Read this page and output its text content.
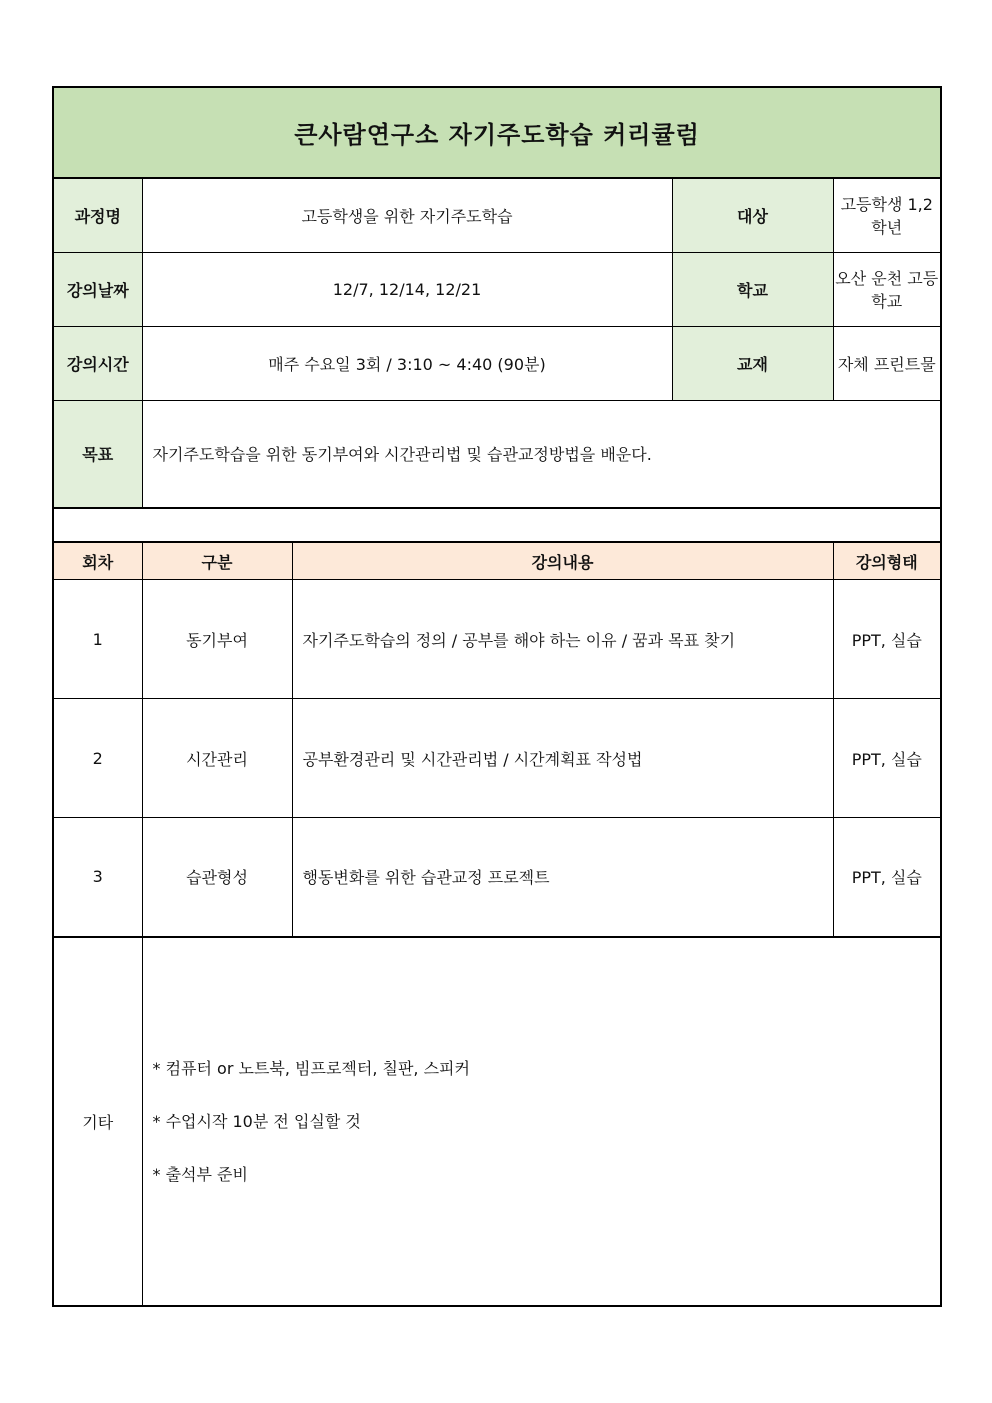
큰사람연구소 자기주도학습 커리큘럼				
과정명	고등학생을 위한 자기주도학습		대상	고등학생 1,2학년
강의날짜	12/7, 12/14, 12/21		학교	오산 운천 고등학교
강의시간	매주 수요일 3회 / 3:10 ~ 4:40 (90분)		교재	자체 프린트물
목표	자기주도학습을 위한 동기부여와 시간관리법 및 습관교정방법을 배운다.			

회차	구분	강의내용		강의형태
1	동기부여	자기주도학습의 정의 / 공부를 해야 하는 이유 / 꿈과 목표 찾기		PPT, 실습
2	시간관리	공부환경관리 및 시간관리법 / 시간계획표 작성법		PPT, 실습
3	습관형성	행동변화를 위한 습관교정 프로젝트		PPT, 실습
기타	* 컴퓨터 or 노트북, 빔프로젝터, 칠판, 스피커
* 수업시작 10분 전 입실할 것
* 출석부 준비			
